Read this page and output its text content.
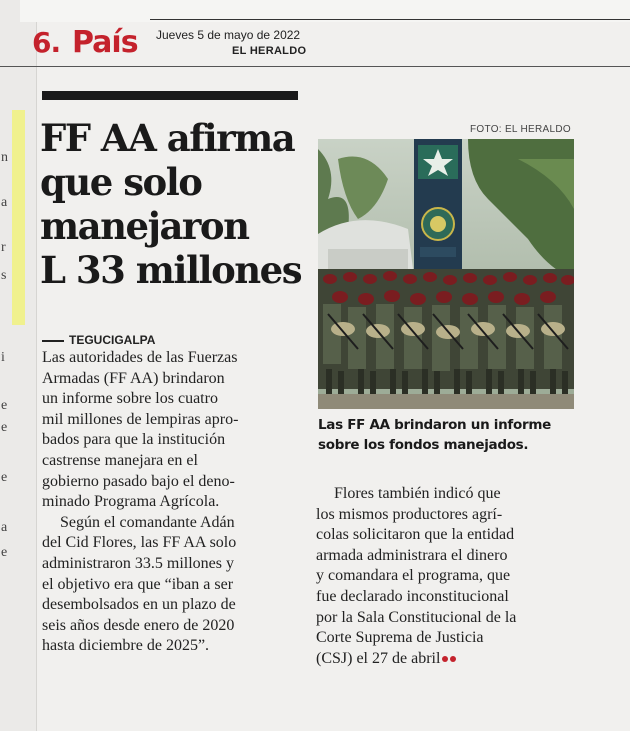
n
a
r
s
i
e
e
e
a
e
6. País Jueves 5 de mayo de 2022
EL HERALDO
FF AA afirma
que solo
manejaron
L 33 millones
FOTO: EL HERALDO
Las FF AA brindaron un informe
sobre los fondos manejados.
TEGUCIGALPA

Las autoridades de las Fuerzas
Armadas (FF AA) brindaron
un informe sobre los cuatro
mil millones de lempiras apro-
bados para que la institución
castrense manejara en el
gobierno pasado bajo el deno-
minado Programa Agrícola.

Según el comandante Adán
del Cid Flores, las FF AA solo
administraron 33.5 millones y
el objetivo era que “iban a ser
desembolsados en un plazo de
seis años desde enero de 2020
hasta diciembre de 2025”.

Flores también indicó que
los mismos productores agrí-
colas solicitaron que la entidad
armada administrara el dinero
y comandara el programa, que
fue declarado inconstitucional
por la Sala Constitucional de la
Corte Suprema de Justicia
(CSJ) el 27 de abril
